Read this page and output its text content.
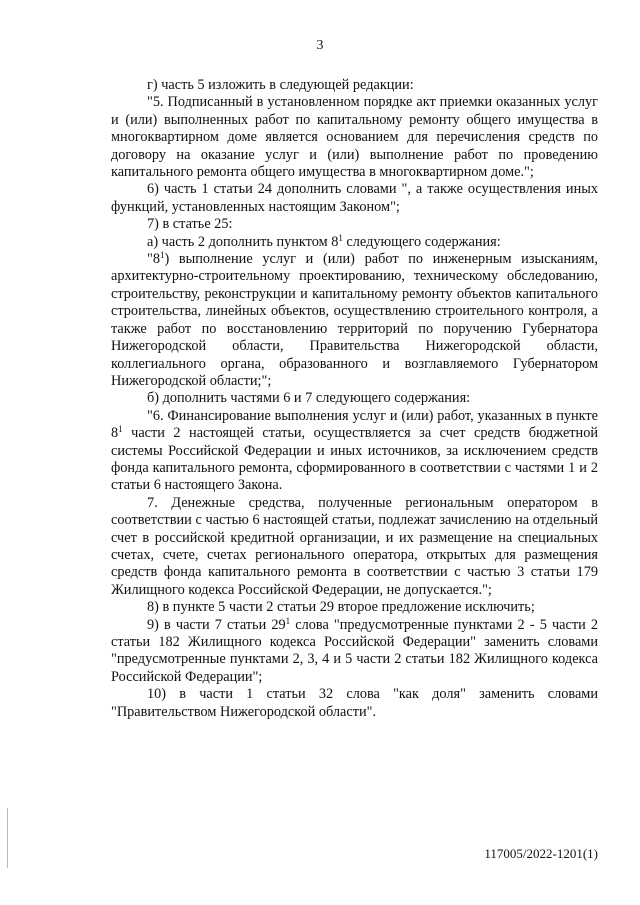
3

г) часть 5 изложить в следующей редакции:

"5. Подписанный в установленном порядке акт приемки оказанных услуг и (или) выполненных работ по капитальному ремонту общего имущества в многоквартирном доме является основанием для перечисления средств по договору на оказание услуг и (или) выполнение работ по проведению капитального ремонта общего имущества в многоквартирном доме.";

6) часть 1 статьи 24 дополнить словами ", а также осуществления иных функций, установленных настоящим Законом";

7) в статье 25:

а) часть 2 дополнить пунктом $8^1$ следующего содержания:

"$8^1$) выполнение услуг и (или) работ по инженерным изысканиям, архитектурно-строительному проектированию, техническому обследованию, строительству, реконструкции и капитальному ремонту объектов капитального строительства, линейных объектов, осуществлению строительного контроля, а также работ по восстановлению территорий по поручению Губернатора Нижегородской области, Правительства Нижегородской области, коллегиального органа, образованного и возглавляемого Губернатором Нижегородской области;";

б) дополнить частями 6 и 7 следующего содержания:

"6. Финансирование выполнения услуг и (или) работ, указанных в пункте $8^1$ части 2 настоящей статьи, осуществляется за счет средств бюджетной системы Российской Федерации и иных источников, за исключением средств фонда капитального ремонта, сформированного в соответствии с частями 1 и 2 статьи 6 настоящего Закона.

7. Денежные средства, полученные региональным оператором в соответствии с частью 6 настоящей статьи, подлежат зачислению на отдельный счет в российской кредитной организации, и их размещение на специальных счетах, счете, счетах регионального оператора, открытых для размещения средств фонда капитального ремонта в соответствии с частью 3 статьи 179 Жилищного кодекса Российской Федерации, не допускается.";

8) в пункте 5 части 2 статьи 29 второе предложение исключить;

9) в части 7 статьи $29^1$ слова "предусмотренные пунктами 2 - 5 части 2 статьи 182 Жилищного кодекса Российской Федерации" заменить словами "предусмотренные пунктами 2, 3, 4 и 5 части 2 статьи 182 Жилищного кодекса Российской Федерации";

10) в части 1 статьи 32 слова "как доля" заменить словами "Правительством Нижегородской области".

117005/2022-1201(1)
